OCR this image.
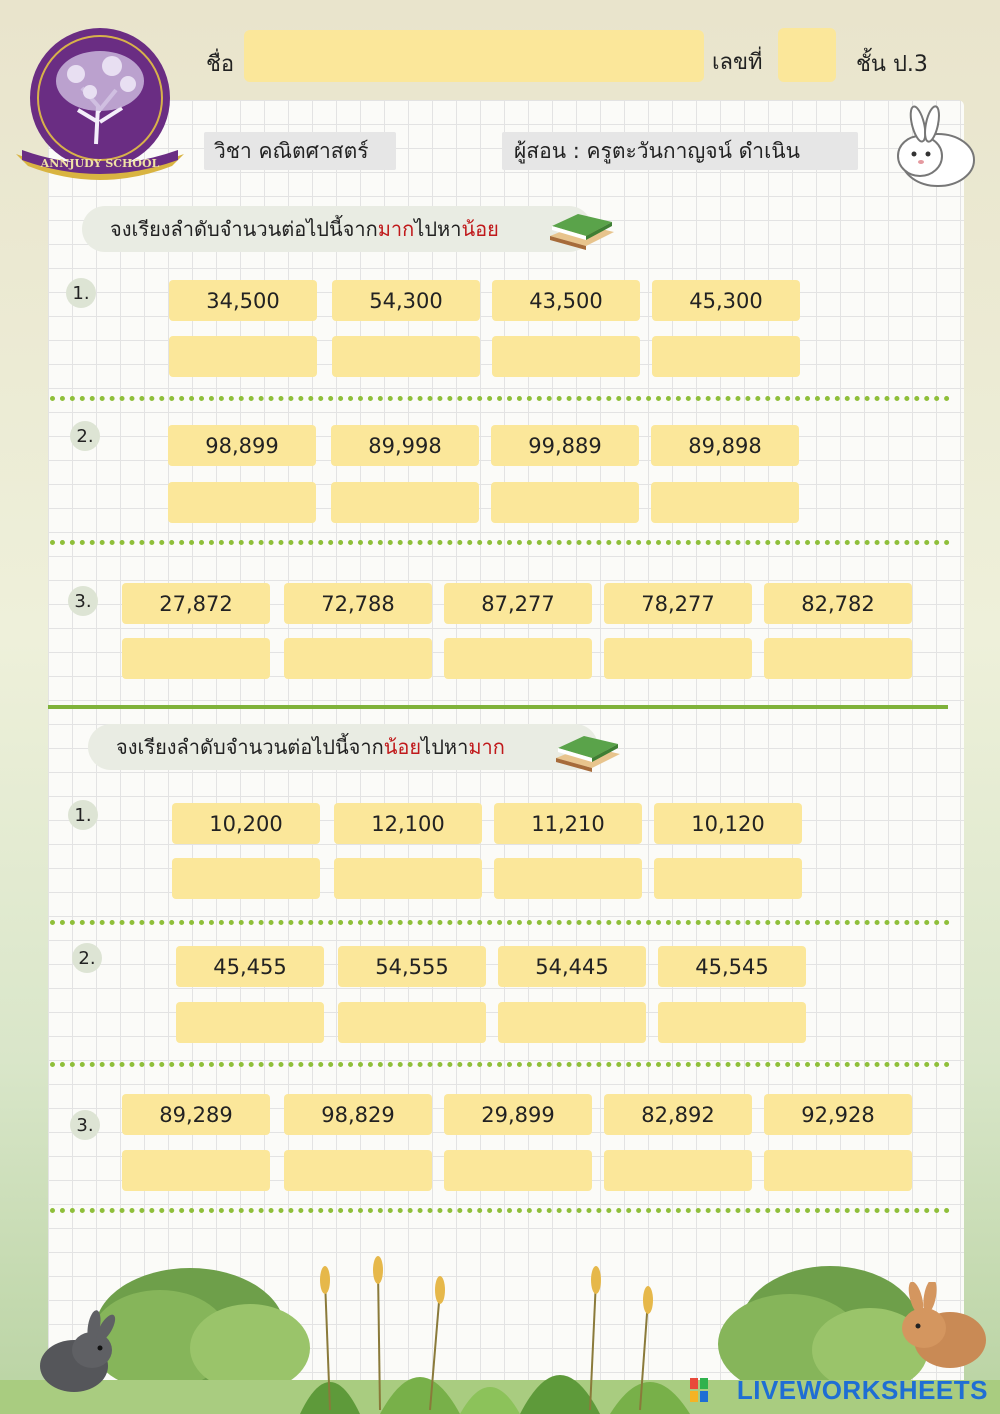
ANNJUDY SCHOOL
ชื่อ	เลขที่	ชั้น ป.3
วิชา คณิตศาสตร์	ผู้สอน : ครูตะวันกาญจน์ ดำเนิน
จงเรียงลำดับจำนวนต่อไปนี้จาก มาก ไปหา น้อย
1.	34,500	54,300	43,500	45,300
2.	98,899	89,998	99,889	89,898
3.	27,872	72,788	87,277	78,277	82,782
จงเรียงลำดับจำนวนต่อไปนี้จาก น้อย ไปหา มาก
1.	10,200	12,100	11,210	10,120
2.	45,455	54,555	54,445	45,545
3.	89,289	98,829	29,899	82,892	92,928
LIVEWORKSHEETS
